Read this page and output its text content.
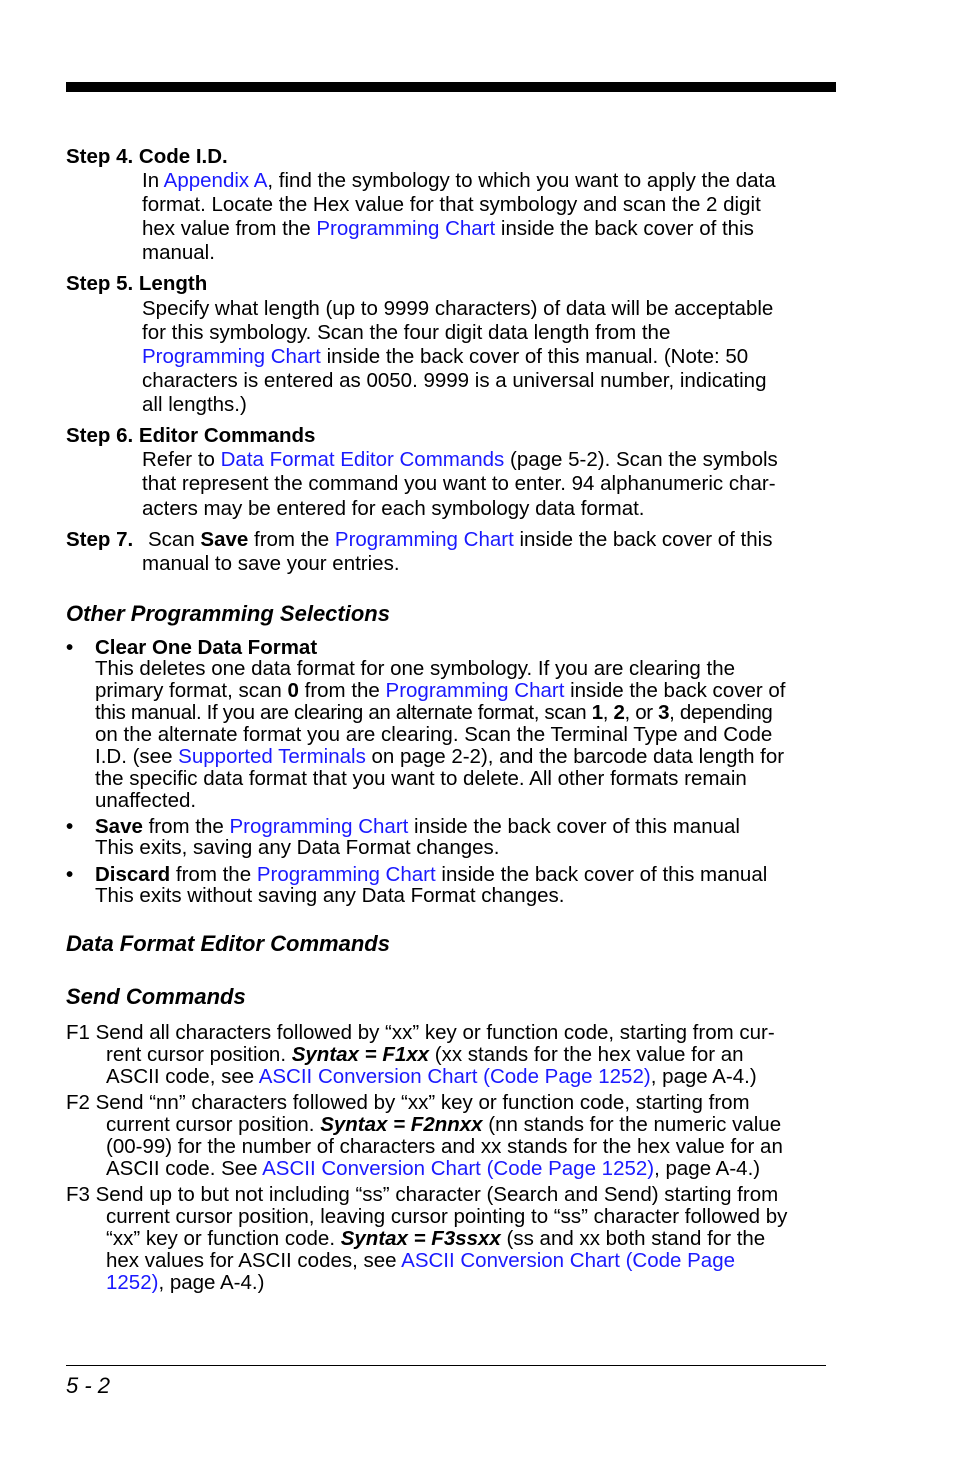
Step 4. Code I.D.
In Appendix A, find the symbology to which you want to apply the data
format. Locate the Hex value for that symbology and scan the 2 digit
hex value from the Programming Chart inside the back cover of this
manual.
Step 5. Length
Specify what length (up to 9999 characters) of data will be acceptable
for this symbology. Scan the four digit data length from the
Programming Chart inside the back cover of this manual. (Note: 50
characters is entered as 0050. 9999 is a universal number, indicating
all lengths.)
Step 6. Editor Commands
Refer to Data Format Editor Commands (page 5-2). Scan the symbols
that represent the command you want to enter. 94 alphanumeric char-
acters may be entered for each symbology data format.
Step 7. Scan Save from the Programming Chart inside the back cover of this
manual to save your entries.
Other Programming Selections
• Clear One Data Format
This deletes one data format for one symbology. If you are clearing the
primary format, scan 0 from the Programming Chart inside the back cover of
this manual. If you are clearing an alternate format, scan 1, 2, or 3, depending
on the alternate format you are clearing. Scan the Terminal Type and Code
I.D. (see Supported Terminals on page 2-2), and the barcode data length for
the specific data format that you want to delete. All other formats remain
unaffected.
• Save from the Programming Chart inside the back cover of this manual
This exits, saving any Data Format changes.
• Discard from the Programming Chart inside the back cover of this manual
This exits without saving any Data Format changes.
Data Format Editor Commands
Send Commands
F1 Send all characters followed by “xx” key or function code, starting from cur-
rent cursor position. Syntax = F1xx (xx stands for the hex value for an
ASCII code, see ASCII Conversion Chart (Code Page 1252), page A-4.)
F2 Send “nn” characters followed by “xx” key or function code, starting from
current cursor position. Syntax = F2nnxx (nn stands for the numeric value
(00-99) for the number of characters and xx stands for the hex value for an
ASCII code. See ASCII Conversion Chart (Code Page 1252), page A-4.)
F3 Send up to but not including “ss” character (Search and Send) starting from
current cursor position, leaving cursor pointing to “ss” character followed by
“xx” key or function code. Syntax = F3ssxx (ss and xx both stand for the
hex values for ASCII codes, see ASCII Conversion Chart (Code Page
1252), page A-4.)
5 - 2
